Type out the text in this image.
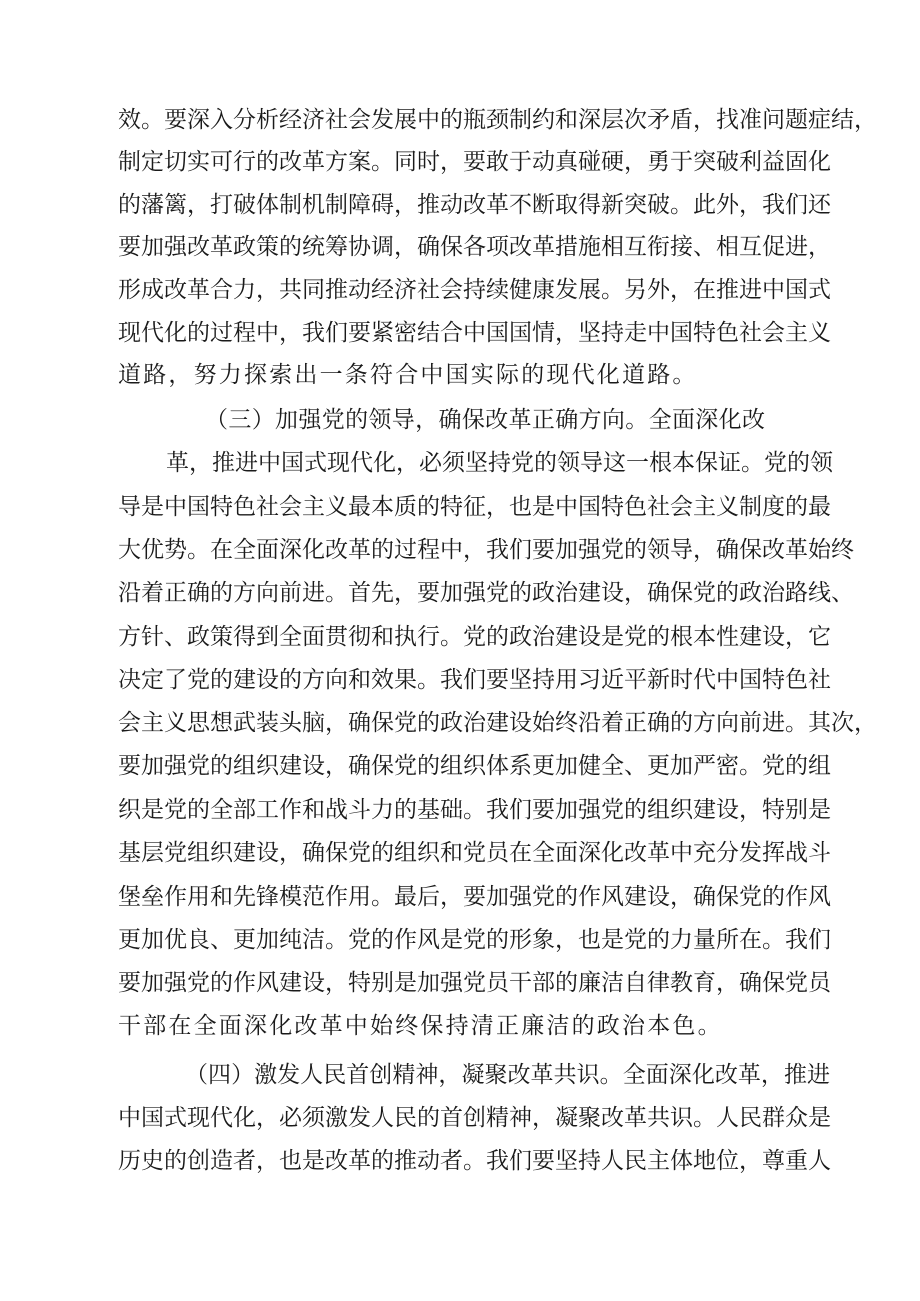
效。要深入分析经济社会发展中的瓶颈制约和深层次矛盾，找准问题症结，
制定切实可行的改革方案。同时，要敢于动真碰硬，勇于突破利益固化
的藩篱，打破体制机制障碍，推动改革不断取得新突破。此外，我们还
要加强改革政策的统筹协调，确保各项改革措施相互衔接、相互促进，
形成改革合力，共同推动经济社会持续健康发展。另外，在推进中国式
现代化的过程中，我们要紧密结合中国国情，坚持走中国特色社会主义
道路，努力探索出一条符合中国实际的现代化道路。
（三）加强党的领导，确保改革正确方向。全面深化改
革，推进中国式现代化，必须坚持党的领导这一根本保证。党的领
导是中国特色社会主义最本质的特征，也是中国特色社会主义制度的最
大优势。在全面深化改革的过程中，我们要加强党的领导，确保改革始终
沿着正确的方向前进。首先，要加强党的政治建设，确保党的政治路线、
方针、政策得到全面贯彻和执行。党的政治建设是党的根本性建设，它
决定了党的建设的方向和效果。我们要坚持用习近平新时代中国特色社
会主义思想武装头脑，确保党的政治建设始终沿着正确的方向前进。其次，
要加强党的组织建设，确保党的组织体系更加健全、更加严密。党的组
织是党的全部工作和战斗力的基础。我们要加强党的组织建设，特别是
基层党组织建设，确保党的组织和党员在全面深化改革中充分发挥战斗
堡垒作用和先锋模范作用。最后，要加强党的作风建设，确保党的作风
更加优良、更加纯洁。党的作风是党的形象，也是党的力量所在。我们
要加强党的作风建设，特别是加强党员干部的廉洁自律教育，确保党员
干部在全面深化改革中始终保持清正廉洁的政治本色。
（四）激发人民首创精神，凝聚改革共识。全面深化改革，推进
中国式现代化，必须激发人民的首创精神，凝聚改革共识。人民群众是
历史的创造者，也是改革的推动者。我们要坚持人民主体地位，尊重人
